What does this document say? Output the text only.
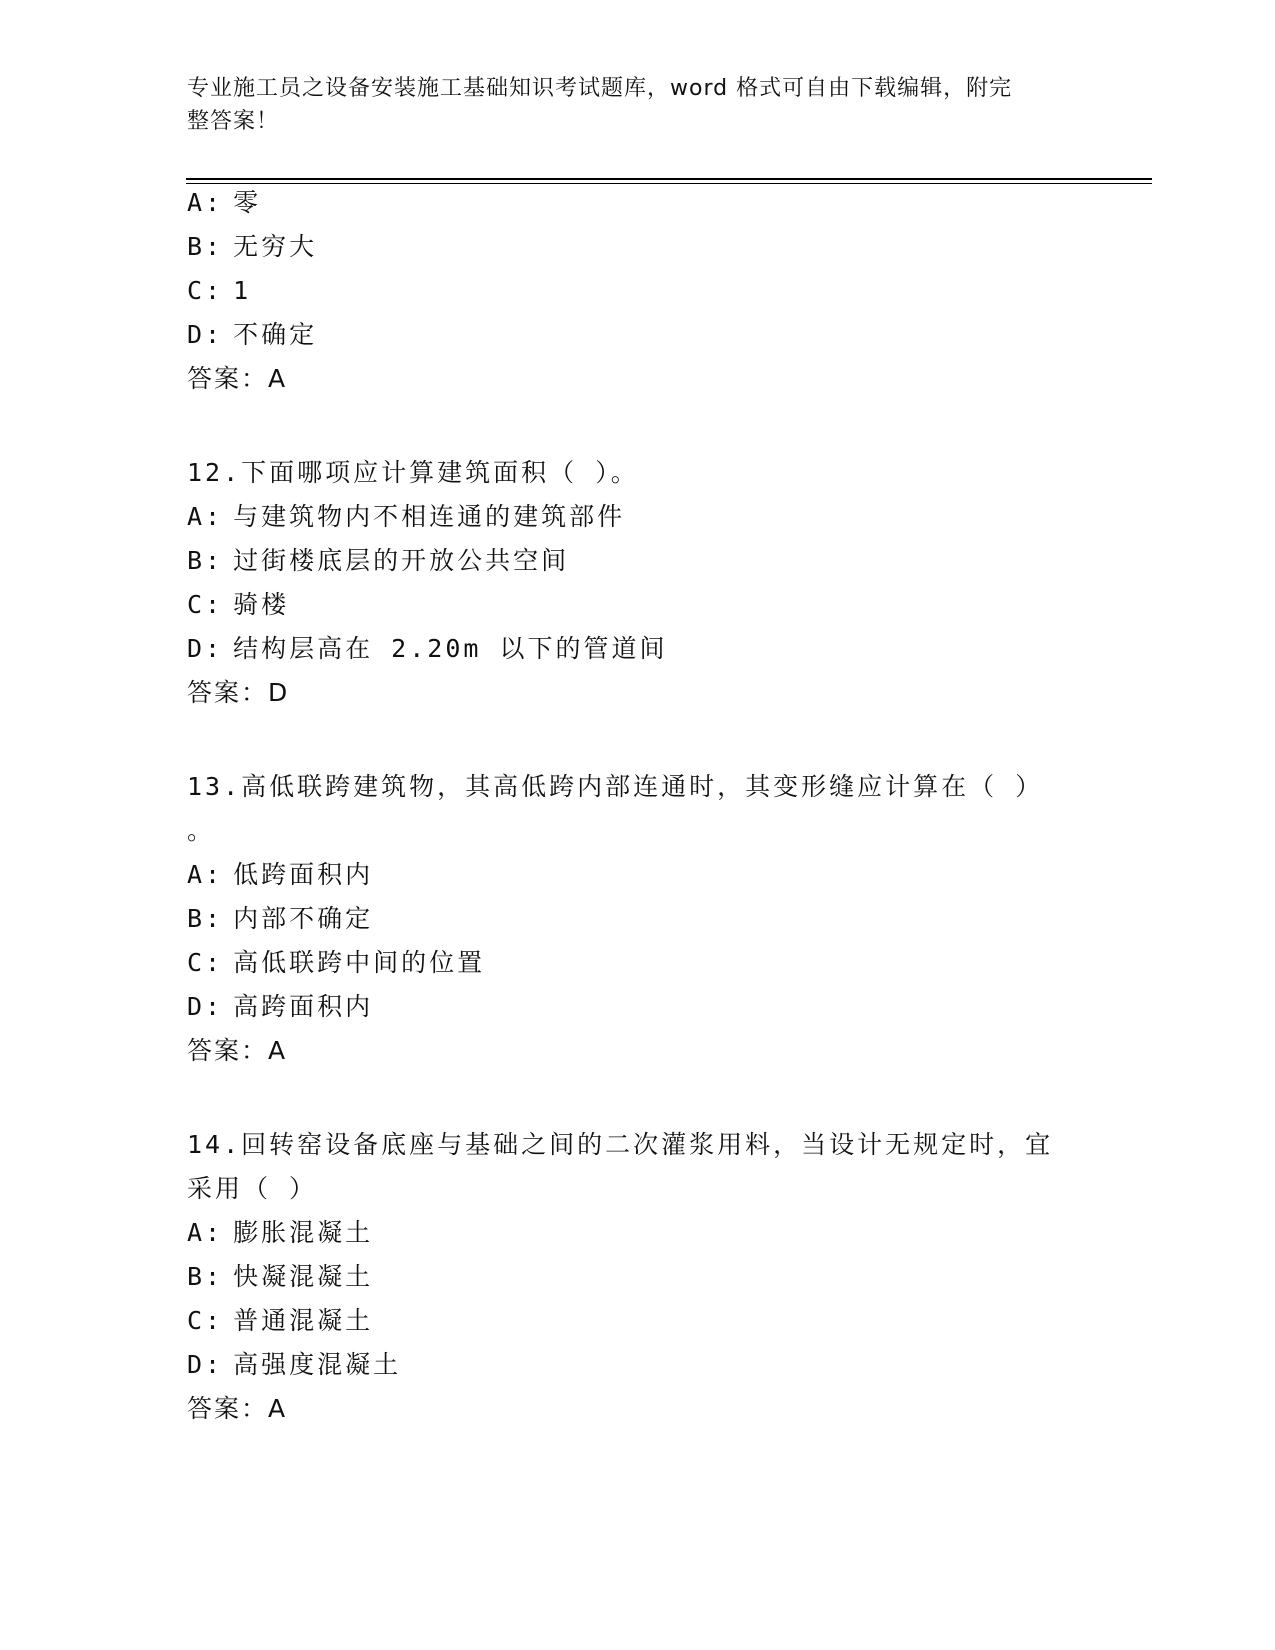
专业施工员之设备安装施工基础知识考试题库，word 格式可自由下载编辑，附完
整答案！
A: 零
B: 无穷大
C: 1
D: 不确定
答案：A
12.下面哪项应计算建筑面积（ ）。
A: 与建筑物内不相连通的建筑部件
B: 过街楼底层的开放公共空间
C: 骑楼
D: 结构层高在 2.20m 以下的管道间
答案：D
13.高低联跨建筑物，其高低跨内部连通时，其变形缝应计算在（ ）
。
A: 低跨面积内
B: 内部不确定
C: 高低联跨中间的位置
D: 高跨面积内
答案：A
14.回转窑设备底座与基础之间的二次灌浆用料，当设计无规定时，宜
采用（ ）
A: 膨胀混凝土
B: 快凝混凝土
C: 普通混凝土
D: 高强度混凝土
答案：A
